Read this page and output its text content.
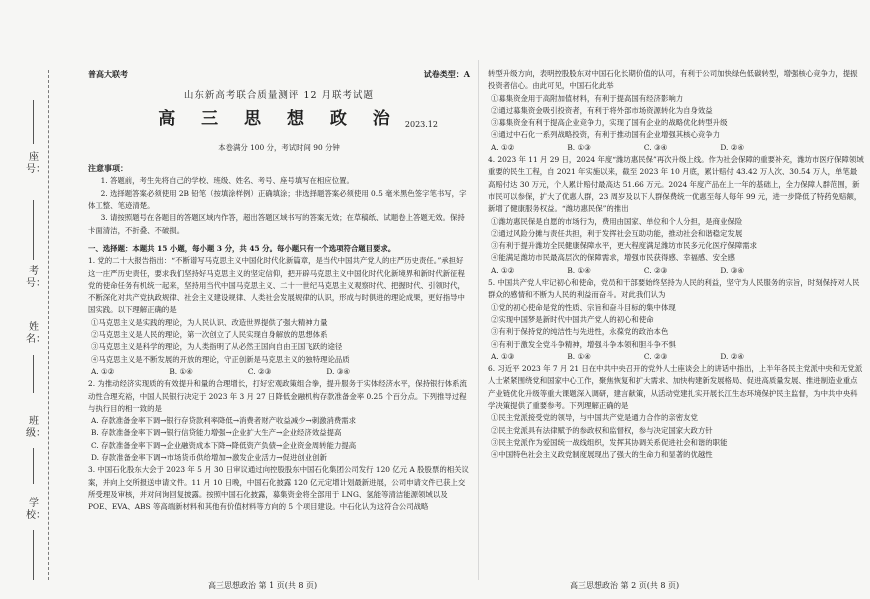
座号：
考号：
姓名：
班级：
学校：
普高大联考	试卷类型：A
山东新高考联合质量测评 12 月联考试题
高 三 思 想 政 治 2023.12
本卷满分 100 分，考试时间 90 分钟
注意事项：
1. 答题前，考生先将自己的学校、班级、姓名、考号、座号填写在相应位置。
2. 选择题答案必须使用 2B 铅笔（按填涂样例）正确填涂；非选择题答案必须使用 0.5 毫米黑色签字笔书写，字体工整、笔迹清楚。
3. 请按照题号在各题目的答题区域内作答，超出答题区域书写的答案无效；在草稿纸、试题卷上答题无效。保持卡面清洁，不折叠、不破损。
一、选择题：本题共 15 小题，每小题 3 分，共 45 分。每小题只有一个选项符合题目要求。
1. 党的二十大报告指出：“不断谱写马克思主义中国化时代化新篇章，是当代中国共产党人的庄严历史责任。”承担好这一庄严历史责任，要求我们坚持好马克思主义的坚定信仰，把开辟马克思主义中国化时代化新境界和新时代新征程党的使命任务有机统一起来，坚持用当代中国马克思主义、二十一世纪马克思主义观察时代、把握时代、引领时代，不断深化对共产党执政规律、社会主义建设规律、人类社会发展规律的认识，形成与时俱进的理论成果，更好指导中国实践。以下理解正确的是
①马克思主义是实践的理论，为人民认识、改造世界提供了强大精神力量
②马克思主义是人民的理论，第一次创立了人民实现自身解放的思想体系
③马克思主义是科学的理论，为人类指明了从必然王国向自由王国飞跃的途径
④马克思主义是不断发展的开放的理论，守正创新是马克思主义的独特理论品质
A. ①②	B. ①④	C. ②③	D. ③④
2. 为推动经济实现质的有效提升和量的合理增长，打好宏观政策组合拳，提升服务于实体经济水平，保持银行体系流动性合理充裕，中国人民银行决定于 2023 年 3 月 27 日降低金融机构存款准备金率 0.25 个百分点。下列推导过程与执行目的相一致的是
A. 存款准备金率下调→银行存贷款利率降低→消费者财产收益减少→刺激消费需求
B. 存款准备金率下调→银行信贷能力增强→企业扩大生产→企业经济效益提高
C. 存款准备金率下调→企业融资成本下降→降低资产负债→企业资金周转能力提高
D. 存款准备金率下调→市场货币供给增加→激发企业活力→促进创业创新
3. 中国石化股东大会于 2023 年 5 月 30 日审议通过向控股股东中国石化集团公司发行 120 亿元 A 股股票的相关议案，并向上交所报送申请文件。11 月 10 日晚，中国石化披露 120 亿元定增计划最新进展，公司申请文件已获上交所受理及审核，并对问询回复披露。按照中国石化披露，募集资金将全部用于 LNG、氢能等清洁能源领域以及 POE、EVA、ABS 等高端新材料和其他有价值材料等方向的 5 个项目建设。中石化认为这符合公司战略
转型升级方向，表明控股股东对中国石化长期价值的认可，有利于公司加快绿色低碳转型，增强核心竞争力，提振投资者信心。由此可见，中国石化此举
①募集资金用于高附加值材料，有利于提高国有经济影响力
②通过募集资金吸引投资者，有利于将外部市场资源转化为自身效益
③募集资金有利于提高企业竞争力，实现了国有企业的战略优化转型升级
④通过中石化一系列战略投资，有利于推动国有企业增强其核心竞争力
A. ①②	B. ①③	C. ③④	D. ②④
4. 2023 年 11 月 29 日，2024 年度“潍坊惠民保”再次升级上线。作为社会保障的重要补充，潍坊市医疗保障领域重要的民生工程，自 2021 年实施以来，截至 2023 年 10 月底，累计赔付 43.42 万人次、30.54 万人，单笔最高赔付达 30 万元，个人累计赔付最高达 51.66 万元。2024 年度产品在上一年的基础上，全力保障人群范围，新市民可以参保，扩大了优惠人群，23 周岁及以下人群保费统一优惠至每人每年 99 元，进一步降低了特药免赔额，新增了健康服务权益。“潍坊惠民保”的推出
①潍坊惠民保是自愿的市场行为，费用由国家、单位和个人分担，是商业保险
②通过风险分摊与责任共担，利于发挥社会互助功能，推动社会和谐稳定发展
③有利于提升潍坊全民健康保障水平，更大程度满足潍坊市民多元化医疗保障需求
④能满足潍坊市民最高层次的保障需求，增强市民获得感、幸福感、安全感
A. ①②	B. ①④	C. ②③	D. ③④
5. 中国共产党人牢记初心和使命，党员和干部要始终坚持为人民的利益，坚守为人民服务的宗旨，时刻保持对人民群众的感情和不断为人民的利益而奋斗。对此我们认为
①党的初心使命是党的性质、宗旨和奋斗目标的集中体现
②实现中国梦是新时代中国共产党人的初心和使命
③有利于保持党的纯洁性与先进性，永葆党的政治本色
④有利于激发全党斗争精神，增强斗争本领和胆斗争不惧
A. ①③	B. ①④	C. ②③	D. ②④
6. 习近平 2023 年 7 月 21 日在中共中央召开的党外人士座谈会上的讲话中指出，上半年各民主党派中央和无党派人士紧紧围绕党和国家中心工作，聚焦恢复和扩大需求、加快构建新发展格局、促进高质量发展、推进制造业重点产业链优化升级等重大课题深入调研，建言献策，从活动党建扎实开展长江生态环境保护民主监督，为中共中央科学决策提供了重要参考。下列理解正确的是
①民主党派接受党的领导，与中国共产党是通力合作的亲密友党
②民主党派具有法律赋予的参政权和监督权，参与决定国家大政方针
③民主党派作为爱国统一战线组织，发挥其协调关系促进社会和谐的职能
④中国特色社会主义政党制度展现出了强大的生命力和显著的优越性
高三思想政治 第 1 页(共 8 页)	高三思想政治 第 2 页(共 8 页)
